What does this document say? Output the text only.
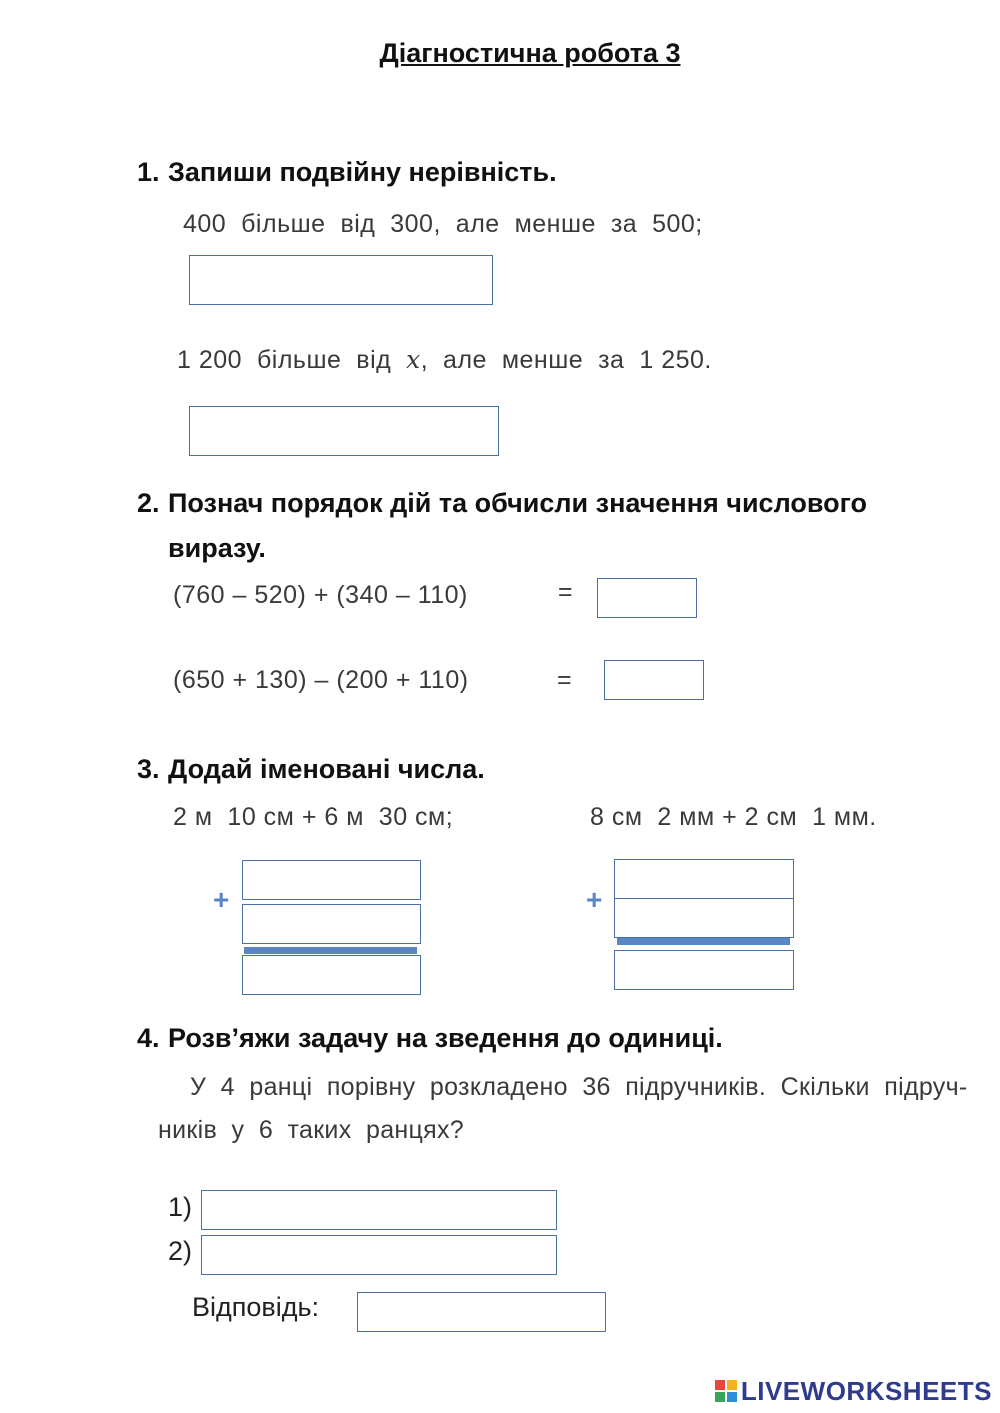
Діагностична робота 3
1. Запиши подвійну нерівність.
400  більше  від  300,  але  менше  за  500;
1 200  більше  від  x,  але  менше  за  1 250.
2. Познач порядок дій та обчисли значення числового
виразу.
(760 – 520) + (340 – 110)	=
(650 + 130) – (200 + 110)	=
3. Додай іменовані числа.
2 м  10 см + 6 м  30 см;	8 см  2 мм + 2 см  1 мм.
+	+
4. Розв’яжи задачу на зведення до одиниці.
У  4  ранці  порівну  розкладено  36  підручників.  Скільки  підруч-
ників  у  6  таких  ранцях?
1)
2)
Відповідь:
LIVEWORKSHEETS
